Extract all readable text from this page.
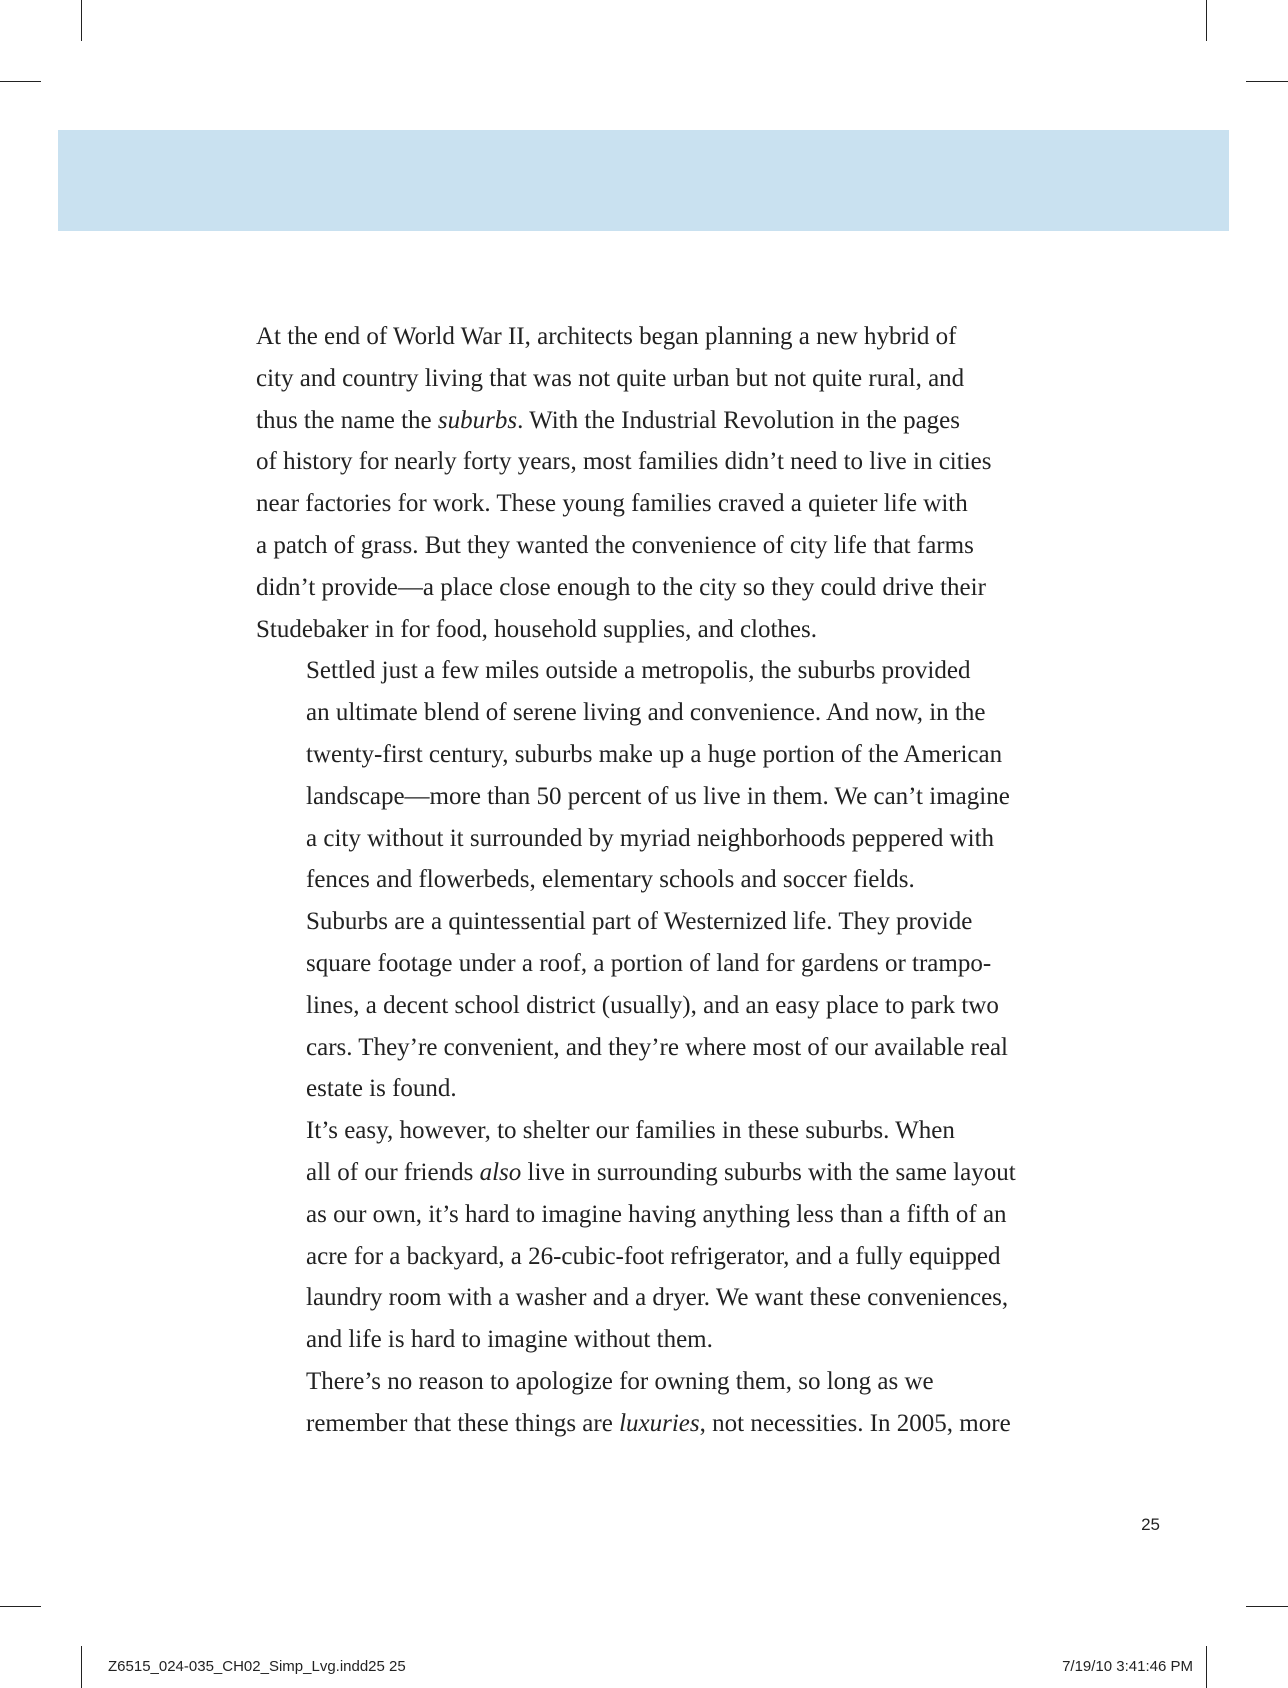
At the end of World War II, architects began planning a new hybrid of
city and country living that was not quite urban but not quite rural, and
thus the name the suburbs. With the Industrial Revolution in the pages
of history for nearly forty years, most families didn’t need to live in cities
near factories for work. These young families craved a quieter life with
a patch of grass. But they wanted the convenience of city life that farms
didn’t provide—a place close enough to the city so they could drive their
Studebaker in for food, household supplies, and clothes.

Settled just a few miles outside a metropolis, the suburbs provided
an ultimate blend of serene living and convenience. And now, in the
twenty-first century, suburbs make up a huge portion of the American
landscape—more than 50 percent of us live in them. We can’t imagine
a city without it surrounded by myriad neighborhoods peppered with
fences and flowerbeds, elementary schools and soccer fields.

Suburbs are a quintessential part of Westernized life. They provide
square footage under a roof, a portion of land for gardens or trampo-
lines, a decent school district (usually), and an easy place to park two
cars. They’re convenient, and they’re where most of our available real
estate is found.

It’s easy, however, to shelter our families in these suburbs. When
all of our friends also live in surrounding suburbs with the same layout
as our own, it’s hard to imagine having anything less than a fifth of an
acre for a backyard, a 26-cubic-foot refrigerator, and a fully equipped
laundry room with a washer and a dryer. We want these conveniences,
and life is hard to imagine without them.

There’s no reason to apologize for owning them, so long as we
remember that these things are luxuries, not necessities. In 2005, more

25
Z6515_024-035_CH02_Simp_Lvg.indd25 25	7/19/10 3:41:46 PM
